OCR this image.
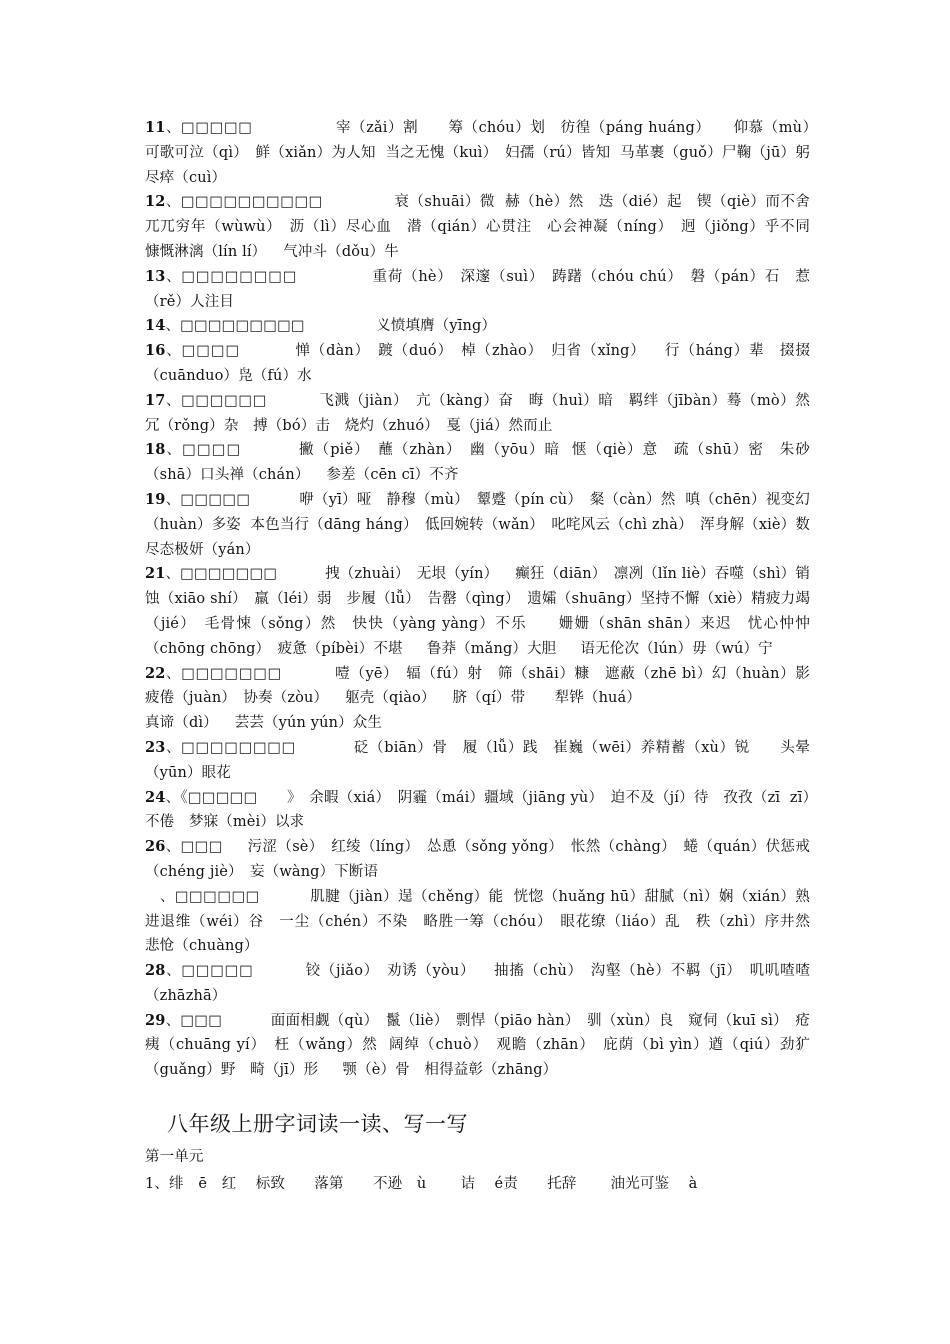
11、□□□□□                宰（zǎi）割　　筹（chóu）划　彷徨（páng huáng）　　仰慕（mù）　可歌可泣（qì）　鲜（xiǎn）为人知  当之无愧（kuì）　妇孺（rú）皆知  马革裹（guǒ）尸鞠（jū）躬尽瘁（cuì）
12、□□□□□□□□□□              衰（shuāi）微  赫（hè）然　迭（dié）起　锲（qiè）而不舍  兀兀穷年（wùwù）　沥（lì）尽心血　潜（qián）心贯注　心会神凝（níng）　迥（jiǒng）乎不同　  慷慨淋漓（lín lí）　  气冲斗（dǒu）牛
13、□□□□□□□□              重荷（hè）　深邃（suì）　踌躇（chóu chú）　磐（pán）石　惹（rě）人注目
14、□□□□□□□□□               义愤填膺（yīng）
16、□□□□          惮（dàn）　踱（duó）　棹（zhào）　归省（xǐng）　  行（háng）辈　掇掇（cuānduo）凫（fú）水
17、□□□□□□          飞溅（jiàn）　亢（kàng）奋　晦（huì）暗　羁绊（jībàn）蓦（mò）然  冗（rǒng）杂　搏（bó）击　烧灼（zhuó）　戛（jiá）然而止
18、□□□□          撇（piě）　蘸（zhàn）　幽（yōu）暗  惬（qiè）意　疏（shū）密　朱砂（shā）口头禅（chán）　  参差（cēn cī）不齐
19、□□□□□          咿（yī）哑　静穆（mù）　颦蹙（pín cù）　粲（càn）然  嗔（chēn）视变幻（huàn）多姿  本色当行（dāng háng）　低回婉转（wǎn）　叱咤风云（chì zhà）　浑身解（xiè）数　尽态极妍（yán）
21、□□□□□□□          拽（zhuài）　无垠（yín）　  癫狂（diān）　凛冽（lǐn liè）吞噬（shì）销蚀（xiāo shí）　羸（léi）弱　步履（lǚ）　告罄（qìng）　遗孀（shuāng）坚持不懈（xiè）精疲力竭（jié）　毛骨悚（sǒng）然　快快（yàng yàng）不乐　　姗姗（shān shān）来迟　忧心忡忡（chōng chōng）　疲惫（píbèi）不堪　  鲁莽（mǎng）大胆　  语无伦次（lún）毋（wú）宁
22、□□□□□□□	噎（yē）　辐（fú）射　筛（shāi）糠　遮蔽（zhē bì）幻（huàn）影　疲倦（juàn）　协奏（zòu）　  躯壳（qiào）　  脐（qí）带　　犁铧（huá）
真谛（dì）　  芸芸（yún yún）众生
23、□□□□□□□□           砭（biān）骨　履（lǚ）践　崔巍（wēi）养精蓄（xù）锐　　头晕（yūn）眼花
24、《□□□□□　　》　余暇（xiá）　阴霾（mái）疆域（jiāng yù）　迫不及（jí）待　孜孜（zī  zī）不倦　梦寐（mèi）以求
26、□□□　  污涩（sè）　红绫（líng）　怂恿（sǒng yǒng）　怅然（chàng）　蜷（quán）伏惩戒（chéng jiè）　妄（wàng）下断语
　、□□□□□□          肌腱（jiàn）逞（chěng）能  恍惚（huǎng hū）甜腻（nì）娴（xián）熟进退维（wéi）谷　一尘（chén）不染　略胜一筹（chóu）　眼花缭（liáo）乱　秩（zhì）序井然　悲怆（chuàng）
28、□□□□□　  　  铰（jiǎo）　劝诱（yòu）　  抽搐（chù）　沟壑（hè）不羁（jī）　叽叽喳喳（zhāzhā）
29、□□□          面面相觑（qù）　鬣（liè）　剽悍（piāo hàn）　驯（xùn）良　窥伺（kuī sì）　疮痍（chuāng yí）　枉（wǎng）然  阔绰（chuò）　观瞻（zhān）　庇荫（bì yìn）遒（qiú）劲犷（guǎng）野　畸（jī）形　  颚（è）骨　相得益彰（zhāng）
八年级上册字词读一读、写一写
第一单元
1、绯　ē　红　 标致　　落第　　不逊　ù　　 诘　 é责　　托辞　　 油光可鉴　 à
